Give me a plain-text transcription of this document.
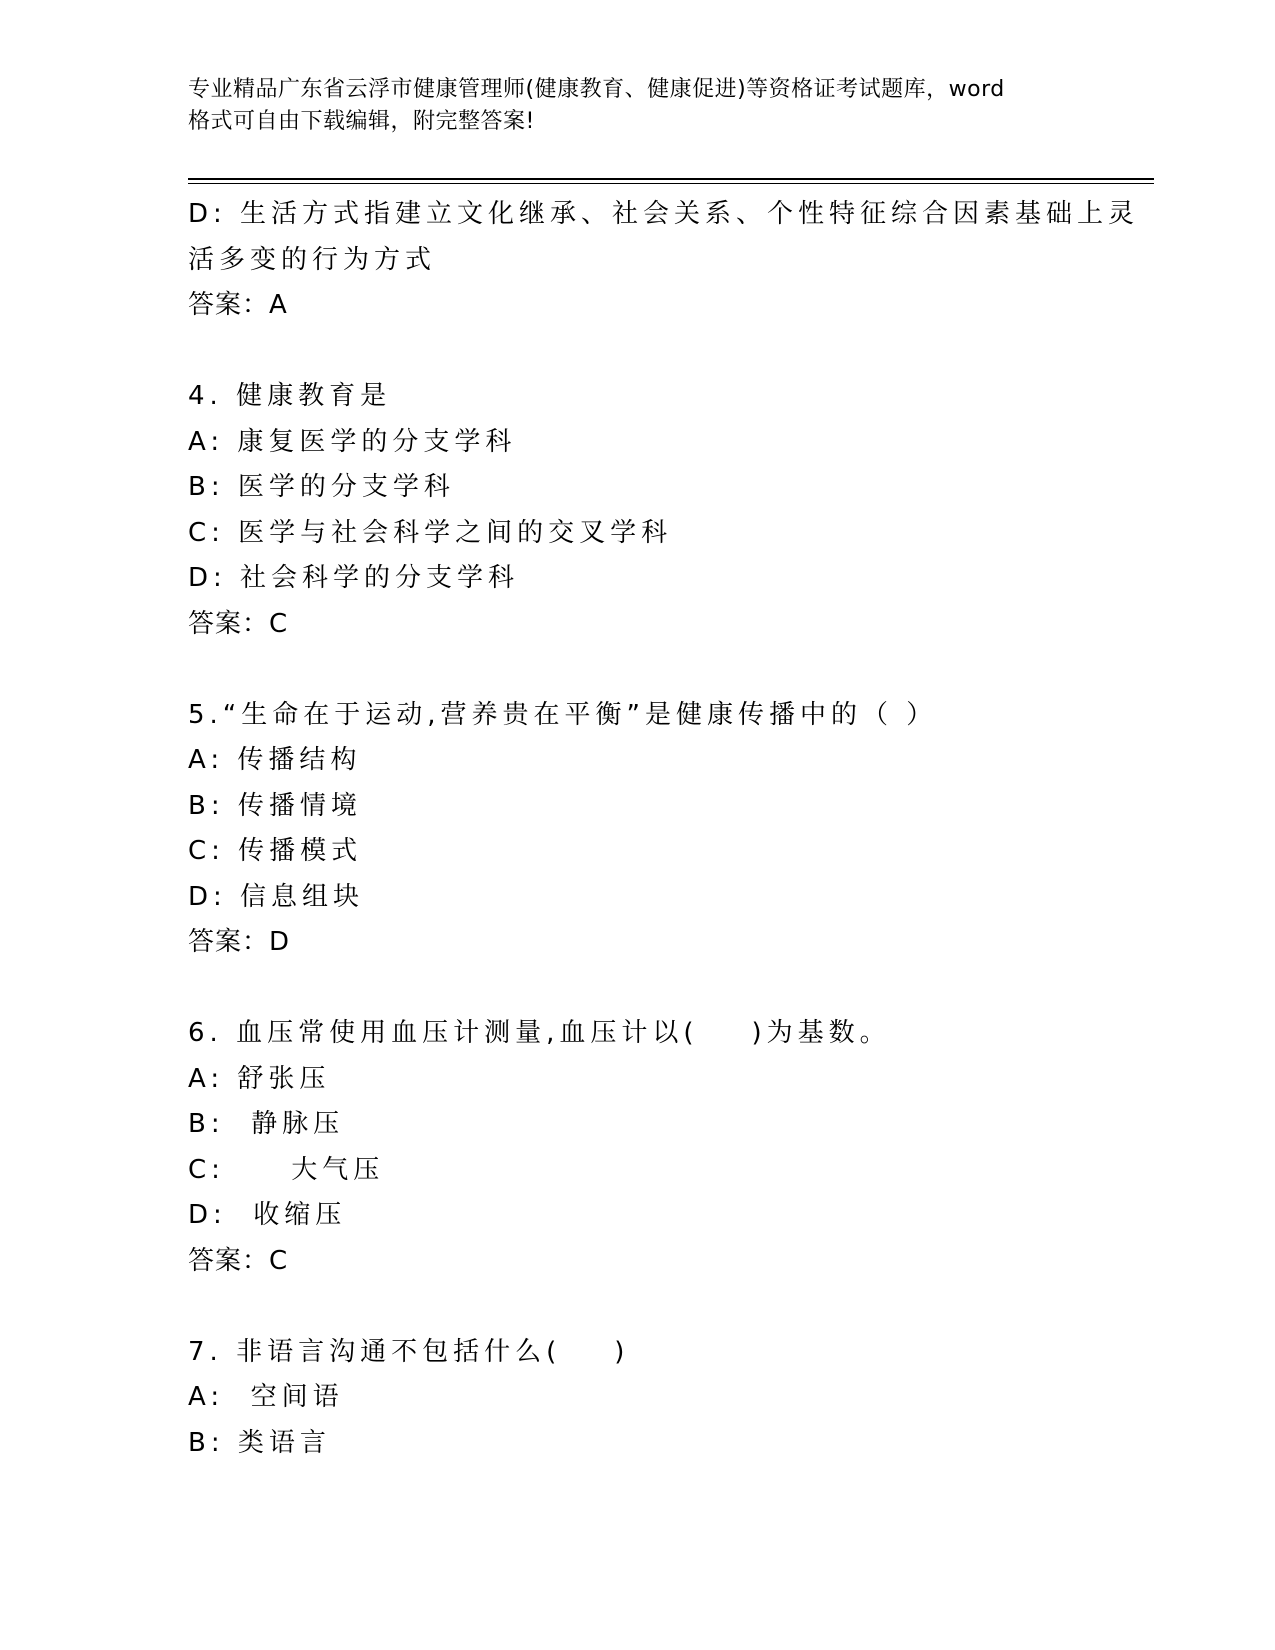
专业精品广东省云浮市健康管理师(健康教育、健康促进)等资格证考试题库，word
格式可自由下载编辑，附完整答案!
D: 生活方式指建立文化继承、社会关系、个性特征综合因素基础上灵
活多变的行为方式
答案：A
4. 健康教育是
A: 康复医学的分支学科
B: 医学的分支学科
C: 医学与社会科学之间的交叉学科
D: 社会科学的分支学科
答案：C
5.“生命在于运动,营养贵在平衡”是健康传播中的（ ）
A: 传播结构
B: 传播情境
C: 传播模式
D: 信息组块
答案：D
6. 血压常使用血压计测量,血压计以(    )为基数。
A: 舒张压
B:  静脉压
C:     大气压
D:  收缩压
答案：C
7. 非语言沟通不包括什么(    )
A:  空间语
B: 类语言
